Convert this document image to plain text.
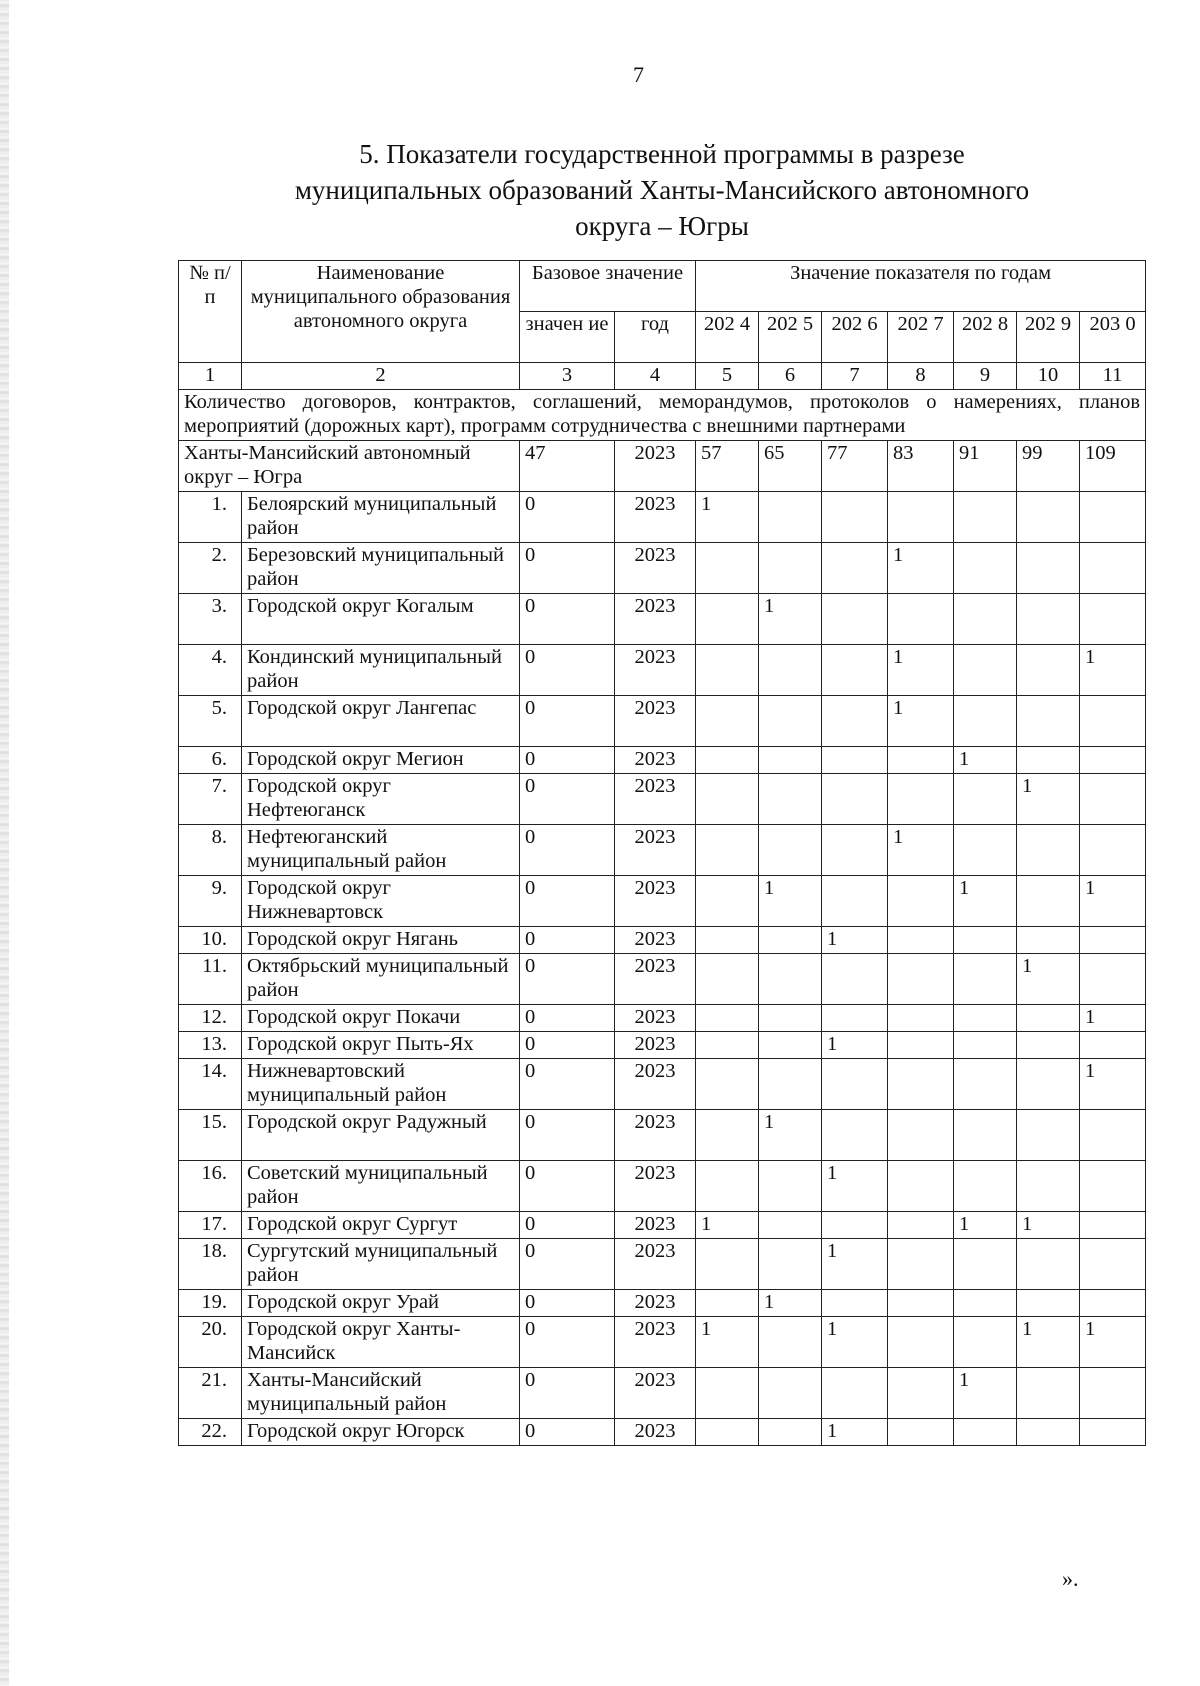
7
5. Показатели государственной программы в разрезе
муниципальных образований Ханты-Мансийского автономного
округа – Югры
№ п/п	Наименование муниципального образования автономного округа	Базовое значение		Значение показателя по годам						
		значен ие	год	202 4	202 5	202 6	202 7	202 8	202 9	203 0
1	2	3	4	5	6	7	8	9	10	11
Количество договоров, контрактов, соглашений, меморандумов, протоколов о намерениях, планов мероприятий (дорожных карт), программ сотрудничества с внешними партнерами										
Ханты-Мансийский автономный округ – Югра		47	2023	57	65	77	83	91	99	109
1.	Белоярский муниципальный район	0	2023	1						
2.	Березовский муниципальный район	0	2023				1			
3.	Городской округ Когалым	0	2023		1					
4.	Кондинский муниципальный район	0	2023				1			1
5.	Городской округ Лангепас	0	2023				1			
6.	Городской округ Мегион	0	2023					1		
7.	Городской округ Нефтеюганск	0	2023						1	
8.	Нефтеюганский муниципальный район	0	2023				1			
9.	Городской округ Нижневартовск	0	2023		1			1		1
10.	Городской округ Нягань	0	2023			1				
11.	Октябрьский муниципальный район	0	2023						1	
12.	Городской округ Покачи	0	2023							1
13.	Городской округ Пыть-Ях	0	2023			1				
14.	Нижневартовский муниципальный район	0	2023							1
15.	Городской округ Радужный	0	2023		1					
16.	Советский муниципальный район	0	2023			1				
17.	Городской округ Сургут	0	2023	1				1	1	
18.	Сургутский муниципальный район	0	2023			1				
19.	Городской округ Урай	0	2023		1					
20.	Городской округ Ханты-Мансийск	0	2023	1		1			1	1
21.	Ханты-Мансийский муниципальный район	0	2023					1		
22.	Городской округ Югорск	0	2023			1				
».
